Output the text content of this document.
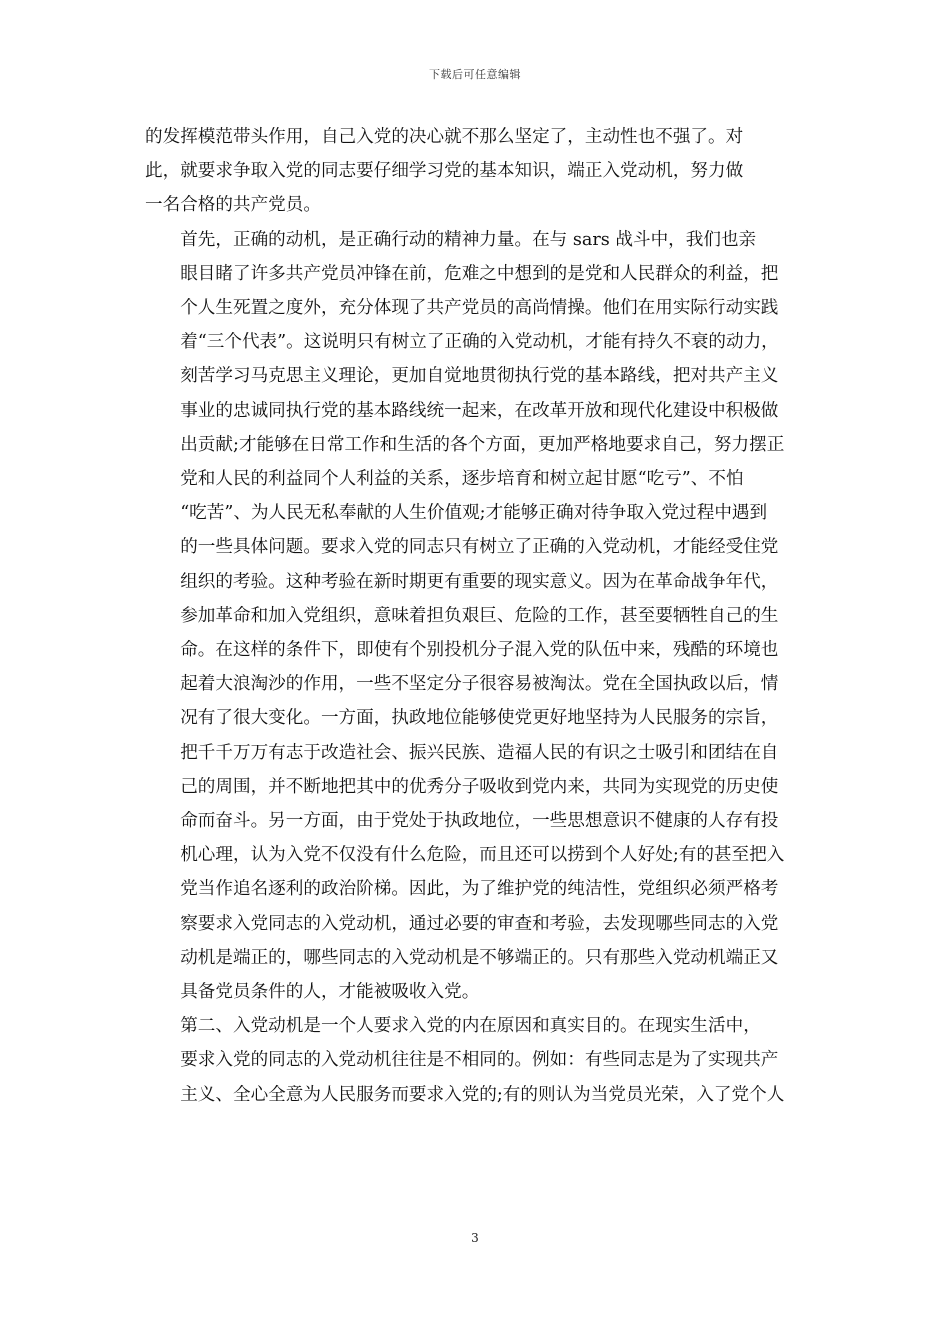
下载后可任意编辑

的发挥模范带头作用，自己入党的决心就不那么坚定了，主动性也不强了。对
此，就要求争取入党的同志要仔细学习党的基本知识，端正入党动机，努力做
一名合格的共产党员。

首先，正确的动机，是正确行动的精神力量。在与 sars 战斗中，我们也亲
眼目睹了许多共产党员冲锋在前，危难之中想到的是党和人民群众的利益，把
个人生死置之度外，充分体现了共产党员的高尚情操。他们在用实际行动实践
着“三个代表”。这说明只有树立了正确的入党动机，才能有持久不衰的动力，
刻苦学习马克思主义理论，更加自觉地贯彻执行党的基本路线，把对共产主义
事业的忠诚同执行党的基本路线统一起来，在改革开放和现代化建设中积极做
出贡献;才能够在日常工作和生活的各个方面，更加严格地要求自己，努力摆正
党和人民的利益同个人利益的关系，逐步培育和树立起甘愿“吃亏”、不怕
“吃苦”、为人民无私奉献的人生价值观;才能够正确对待争取入党过程中遇到
的一些具体问题。要求入党的同志只有树立了正确的入党动机，才能经受住党
组织的考验。这种考验在新时期更有重要的现实意义。因为在革命战争年代，
参加革命和加入党组织，意味着担负艰巨、危险的工作，甚至要牺牲自己的生
命。在这样的条件下，即使有个别投机分子混入党的队伍中来，残酷的环境也
起着大浪淘沙的作用，一些不坚定分子很容易被淘汰。党在全国执政以后，情
况有了很大变化。一方面，执政地位能够使党更好地坚持为人民服务的宗旨，
把千千万万有志于改造社会、振兴民族、造福人民的有识之士吸引和团结在自
己的周围，并不断地把其中的优秀分子吸收到党内来，共同为实现党的历史使
命而奋斗。另一方面，由于党处于执政地位，一些思想意识不健康的人存有投
机心理，认为入党不仅没有什么危险，而且还可以捞到个人好处;有的甚至把入
党当作追名逐利的政治阶梯。因此，为了维护党的纯洁性，党组织必须严格考
察要求入党同志的入党动机，通过必要的审查和考验，去发现哪些同志的入党
动机是端正的，哪些同志的入党动机是不够端正的。只有那些入党动机端正又
具备党员条件的人，才能被吸收入党。

第二、入党动机是一个人要求入党的内在原因和真实目的。在现实生活中，
要求入党的同志的入党动机往往是不相同的。例如：有些同志是为了实现共产
主义、全心全意为人民服务而要求入党的;有的则认为当党员光荣，入了党个人

3
